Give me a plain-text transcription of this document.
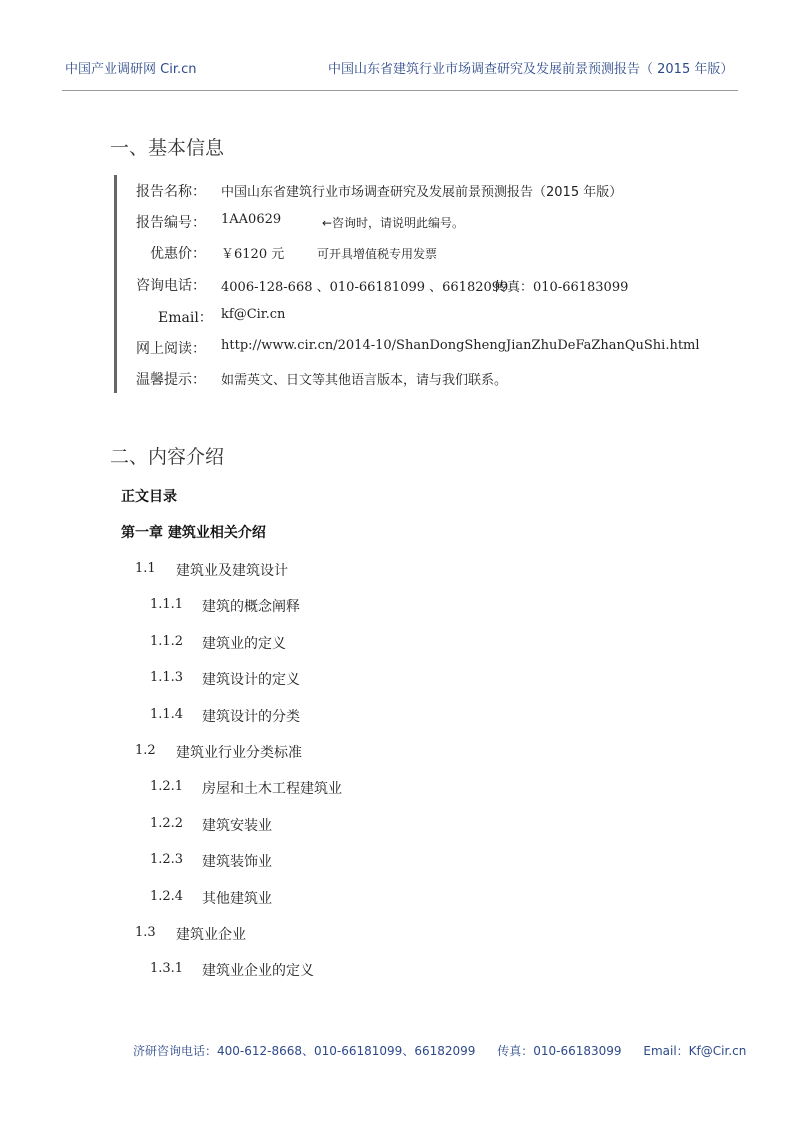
中国产业调研网 Cir.cn	中国山东省建筑行业市场调查研究及发展前景预测报告（ 2015 年版）
一、基本信息
报告名称： 中国山东省建筑行业市场调查研究及发展前景预测报告（2015 年版）
报告编号： 1AA0629	←咨询时，请说明此编号。
优惠价： ￥6120 元	可开具增值税专用发票
咨询电话： 4006-128-668 、010-66181099 、66182099
传真：010-66183099
Email： kf@Cir.cn
网上阅读： http://www.cir.cn/2014-10/ShanDongShengJianZhuDeFaZhanQuShi.html
温馨提示： 如需英文、日文等其他语言版本，请与我们联系。
二、内容介绍
正文目录
第一章 建筑业相关介绍
1.1 建筑业及建筑设计
1.1.1 建筑的概念阐释
1.1.2 建筑业的定义
1.1.3 建筑设计的定义
1.1.4 建筑设计的分类
1.2 建筑业行业分类标准
1.2.1 房屋和土木工程建筑业
1.2.2 建筑安装业
1.2.3 建筑装饰业
1.2.4 其他建筑业
1.3 建筑业企业
1.3.1 建筑业企业的定义
济研咨询电话：400-612-8668、010-66181099、66182099 传真：010-66183099 Email：Kf@Cir.cn
